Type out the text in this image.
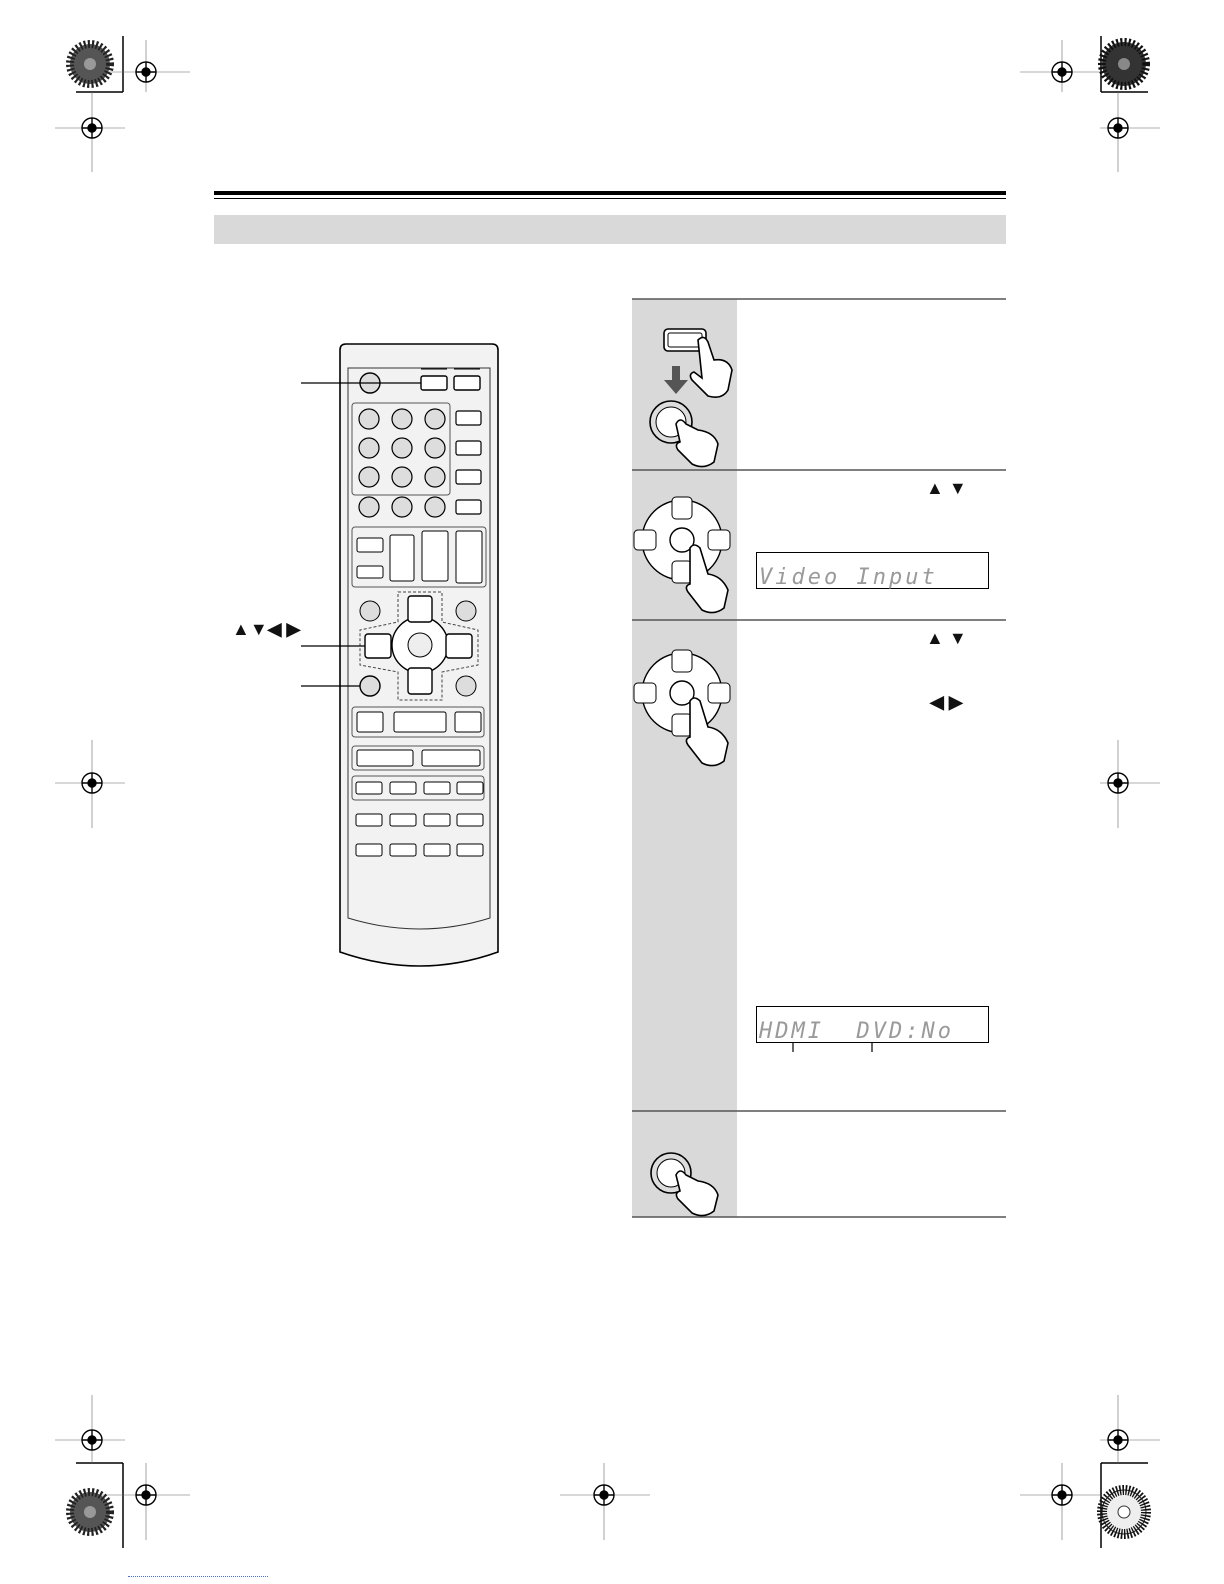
▲▼◀ ▶
▲ ▼
▲ ▼
◀ ▶
Video Input
HDMI  DVD:No
